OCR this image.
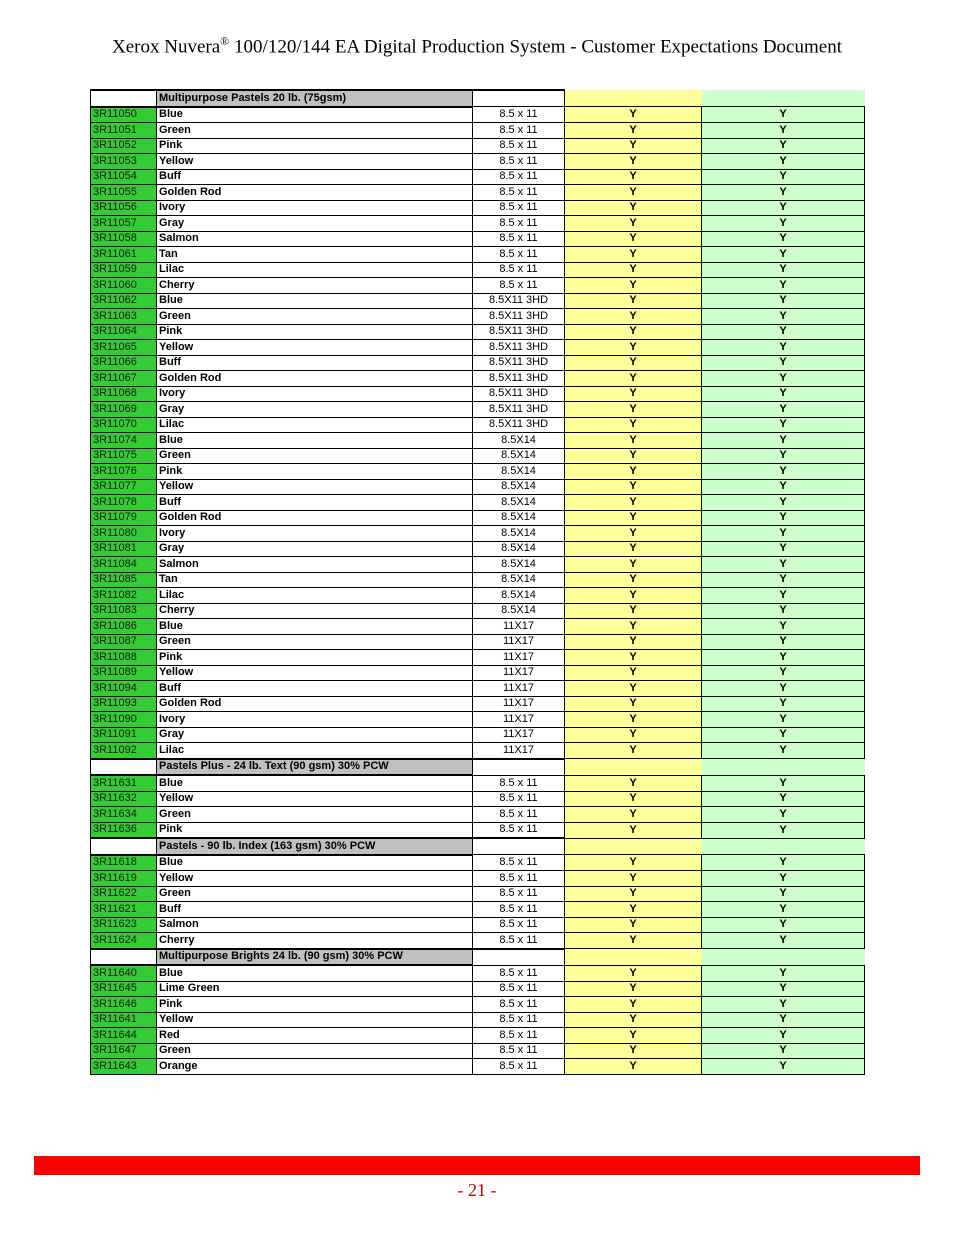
Xerox Nuvera® 100/120/144 EA Digital Production System - Customer Expectations Document
	Multipurpose Pastels 20 lb. (75gsm)			
3R11050	Blue	8.5 x 11	Y	Y
3R11051	Green	8.5 x 11	Y	Y
3R11052	Pink	8.5 x 11	Y	Y
3R11053	Yellow	8.5 x 11	Y	Y
3R11054	Buff	8.5 x 11	Y	Y
3R11055	Golden Rod	8.5 x 11	Y	Y
3R11056	Ivory	8.5 x 11	Y	Y
3R11057	Gray	8.5 x 11	Y	Y
3R11058	Salmon	8.5 x 11	Y	Y
3R11061	Tan	8.5 x 11	Y	Y
3R11059	Lilac	8.5 x 11	Y	Y
3R11060	Cherry	8.5 x 11	Y	Y
3R11062	Blue	8.5X11 3HD	Y	Y
3R11063	Green	8.5X11 3HD	Y	Y
3R11064	Pink	8.5X11 3HD	Y	Y
3R11065	Yellow	8.5X11 3HD	Y	Y
3R11066	Buff	8.5X11 3HD	Y	Y
3R11067	Golden Rod	8.5X11 3HD	Y	Y
3R11068	Ivory	8.5X11 3HD	Y	Y
3R11069	Gray	8.5X11 3HD	Y	Y
3R11070	Lilac	8.5X11 3HD	Y	Y
3R11074	Blue	8.5X14	Y	Y
3R11075	Green	8.5X14	Y	Y
3R11076	Pink	8.5X14	Y	Y
3R11077	Yellow	8.5X14	Y	Y
3R11078	Buff	8.5X14	Y	Y
3R11079	Golden Rod	8.5X14	Y	Y
3R11080	Ivory	8.5X14	Y	Y
3R11081	Gray	8.5X14	Y	Y
3R11084	Salmon	8.5X14	Y	Y
3R11085	Tan	8.5X14	Y	Y
3R11082	Lilac	8.5X14	Y	Y
3R11083	Cherry	8.5X14	Y	Y
3R11086	Blue	11X17	Y	Y
3R11087	Green	11X17	Y	Y
3R11088	Pink	11X17	Y	Y
3R11089	Yellow	11X17	Y	Y
3R11094	Buff	11X17	Y	Y
3R11093	Golden Rod	11X17	Y	Y
3R11090	Ivory	11X17	Y	Y
3R11091	Gray	11X17	Y	Y
3R11092	Lilac	11X17	Y	Y
	Pastels Plus - 24 lb. Text (90 gsm) 30% PCW			
3R11631	Blue	8.5 x 11	Y	Y
3R11632	Yellow	8.5 x 11	Y	Y
3R11634	Green	8.5 x 11	Y	Y
3R11636	Pink	8.5 x 11	Y	Y
	Pastels - 90 lb. Index (163 gsm) 30% PCW			
3R11618	Blue	8.5 x 11	Y	Y
3R11619	Yellow	8.5 x 11	Y	Y
3R11622	Green	8.5 x 11	Y	Y
3R11621	Buff	8.5 x 11	Y	Y
3R11623	Salmon	8.5 x 11	Y	Y
3R11624	Cherry	8.5 x 11	Y	Y
	Multipurpose Brights 24 lb. (90 gsm) 30% PCW			
3R11640	Blue	8.5 x 11	Y	Y
3R11645	Lime Green	8.5 x 11	Y	Y
3R11646	Pink	8.5 x 11	Y	Y
3R11641	Yellow	8.5 x 11	Y	Y
3R11644	Red	8.5 x 11	Y	Y
3R11647	Green	8.5 x 11	Y	Y
3R11643	Orange	8.5 x 11	Y	Y
- 21 -
